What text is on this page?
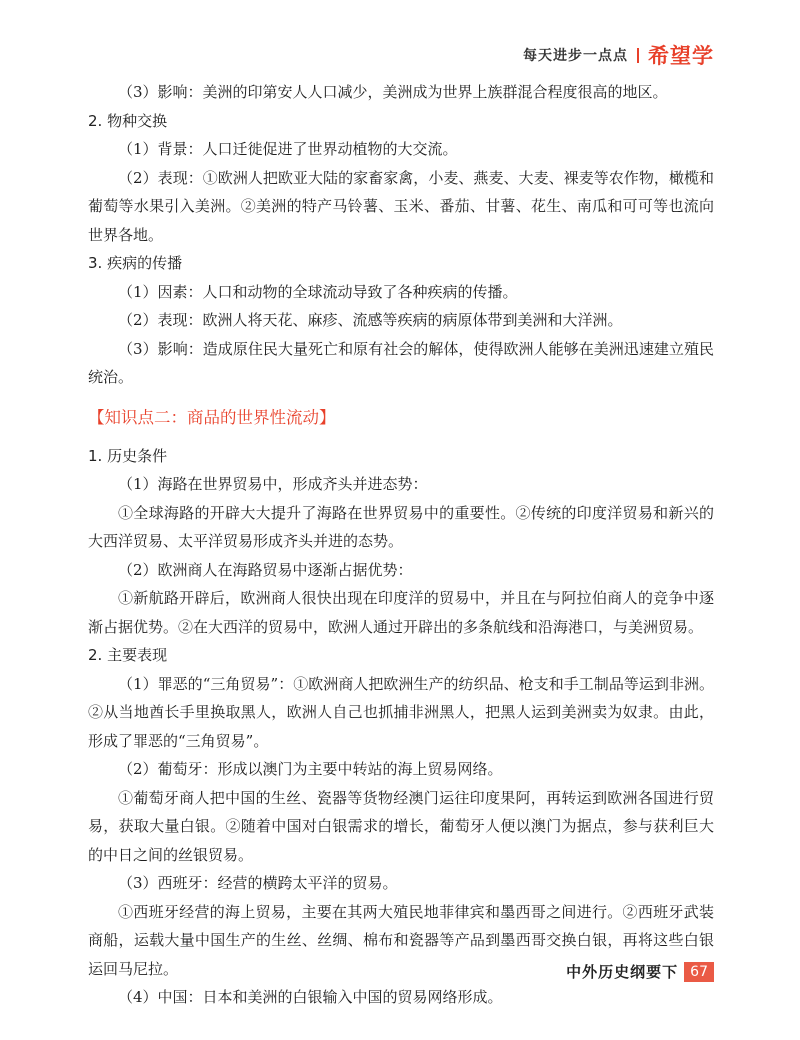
每天进步一点点 希望学

（3）影响：美洲的印第安人人口减少，美洲成为世界上族群混合程度很高的地区。

2. 物种交换

（1）背景：人口迁徙促进了世界动植物的大交流。

（2）表现：①欧洲人把欧亚大陆的家畜家禽，小麦、燕麦、大麦、裸麦等农作物，橄榄和葡萄等水果引入美洲。②美洲的特产马铃薯、玉米、番茄、甘薯、花生、南瓜和可可等也流向世界各地。

3. 疾病的传播

（1）因素：人口和动物的全球流动导致了各种疾病的传播。

（2）表现：欧洲人将天花、麻疹、流感等疾病的病原体带到美洲和大洋洲。

（3）影响：造成原住民大量死亡和原有社会的解体，使得欧洲人能够在美洲迅速建立殖民统治。

【知识点二：商品的世界性流动】

1. 历史条件

（1）海路在世界贸易中，形成齐头并进态势：

①全球海路的开辟大大提升了海路在世界贸易中的重要性。②传统的印度洋贸易和新兴的大西洋贸易、太平洋贸易形成齐头并进的态势。

（2）欧洲商人在海路贸易中逐渐占据优势：

①新航路开辟后，欧洲商人很快出现在印度洋的贸易中，并且在与阿拉伯商人的竞争中逐渐占据优势。②在大西洋的贸易中，欧洲人通过开辟出的多条航线和沿海港口，与美洲贸易。

2. 主要表现

（1）罪恶的“三角贸易”：①欧洲商人把欧洲生产的纺织品、枪支和手工制品等运到非洲。②从当地酋长手里换取黑人，欧洲人自己也抓捕非洲黑人，把黑人运到美洲卖为奴隶。由此，形成了罪恶的“三角贸易”。

（2）葡萄牙：形成以澳门为主要中转站的海上贸易网络。

①葡萄牙商人把中国的生丝、瓷器等货物经澳门运往印度果阿，再转运到欧洲各国进行贸易，获取大量白银。②随着中国对白银需求的增长，葡萄牙人便以澳门为据点，参与获利巨大的中日之间的丝银贸易。

（3）西班牙：经营的横跨太平洋的贸易。

①西班牙经营的海上贸易，主要在其两大殖民地菲律宾和墨西哥之间进行。②西班牙武装商船，运载大量中国生产的生丝、丝绸、棉布和瓷器等产品到墨西哥交换白银，再将这些白银运回马尼拉。

（4）中国：日本和美洲的白银输入中国的贸易网络形成。

中外历史纲要下 67
